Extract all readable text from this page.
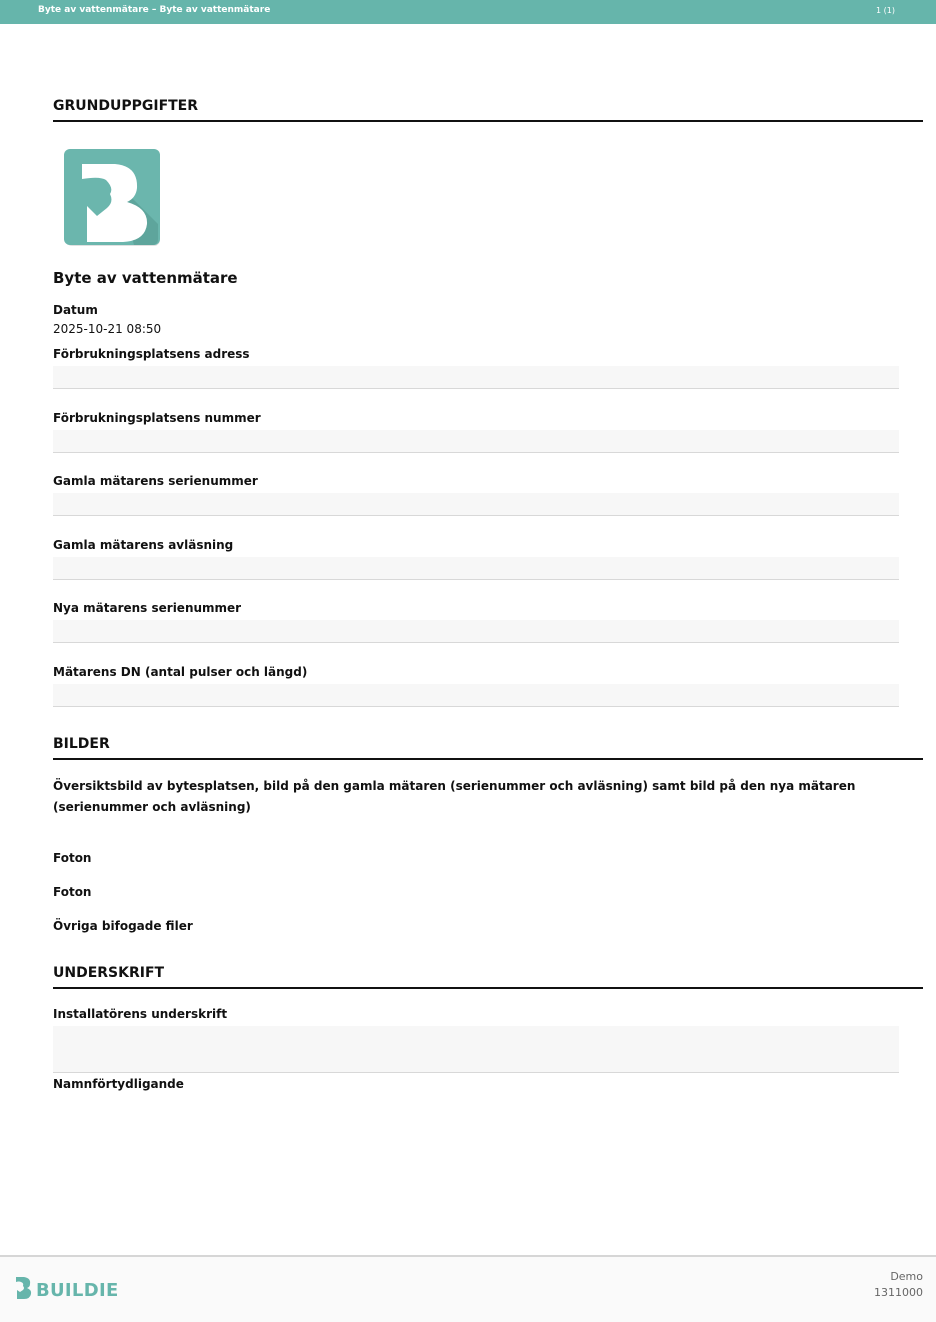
Byte av vattenmätare – Byte av vattenmätare	1 (1)
GRUNDUPPGIFTER
Byte av vattenmätare
Datum
2025-10-21 08:50
Förbrukningsplatsens adress
Förbrukningsplatsens nummer
Gamla mätarens serienummer
Gamla mätarens avläsning
Nya mätarens serienummer
Mätarens DN (antal pulser och längd)
BILDER
Översiktsbild av bytesplatsen, bild på den gamla mätaren (serienummer och avläsning) samt bild på den nya mätaren (serienummer och avläsning)
Foton
Foton
Övriga bifogade filer
UNDERSKRIFT
Installatörens underskrift
Namnförtydligande
BUILDIE
Demo
1311000
